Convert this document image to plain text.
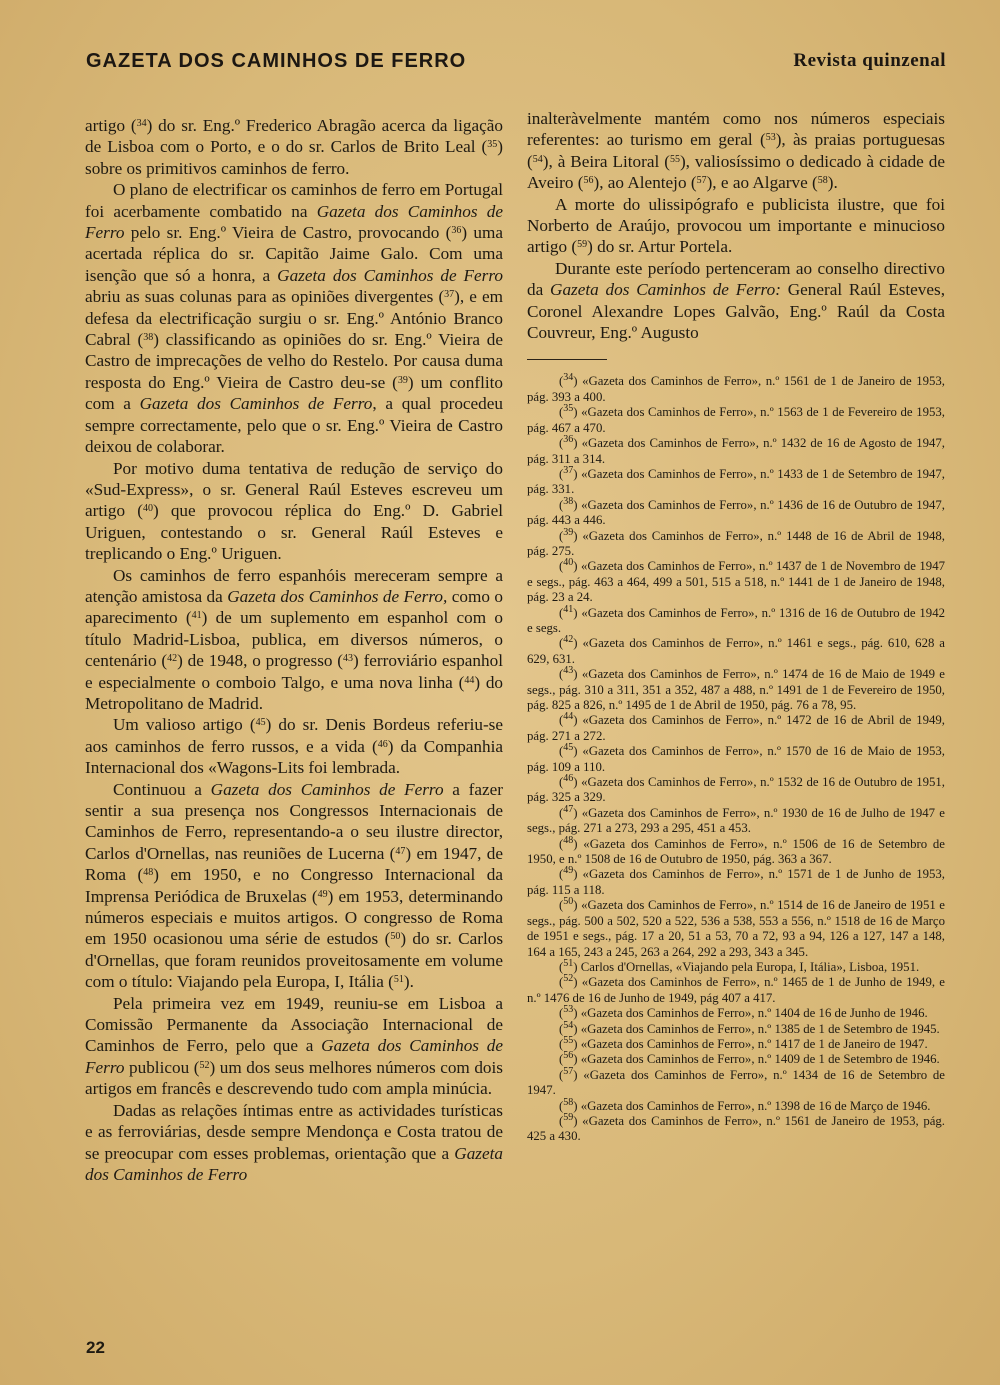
GAZETA DOS CAMINHOS DE FERRO	Revista quinzenal

artigo ($^{34}$) do sr. Eng.º Frederico Abragão acerca da ligação de Lisboa com o Porto, e o do sr. Carlos de Brito Leal ($^{35}$) sobre os primitivos caminhos de ferro.

O plano de electrificar os caminhos de ferro em Portugal foi acerbamente combatido na Gazeta dos Caminhos de Ferro pelo sr. Eng.º Vieira de Castro, provocando ($^{36}$) uma acertada réplica do sr. Capitão Jaime Galo. Com uma isenção que só a honra, a Gazeta dos Caminhos de Ferro abriu as suas colunas para as opiniões divergentes ($^{37}$), e em defesa da electrificação surgiu o sr. Eng.º António Branco Cabral ($^{38}$) classificando as opiniões do sr. Eng.º Vieira de Castro de imprecações de velho do Restelo. Por causa duma resposta do Eng.º Vieira de Castro deu-se ($^{39}$) um conflito com a Gazeta dos Caminhos de Ferro, a qual procedeu sempre correctamente, pelo que o sr. Eng.º Vieira de Castro deixou de colaborar.

Por motivo duma tentativa de redução de serviço do «Sud-Express», o sr. General Raúl Esteves escreveu um artigo ($^{40}$) que provocou réplica do Eng.º D. Gabriel Uriguen, contestando o sr. General Raúl Esteves e treplicando o Eng.º Uriguen.

Os caminhos de ferro espanhóis mereceram sempre a atenção amistosa da Gazeta dos Caminhos de Ferro, como o aparecimento ($^{41}$) de um suplemento em espanhol com o título Madrid-Lisboa, publica, em diversos números, o centenário ($^{42}$) de 1948, o progresso ($^{43}$) ferroviário espanhol e especialmente o comboio Talgo, e uma nova linha ($^{44}$) do Metropolitano de Madrid.

Um valioso artigo ($^{45}$) do sr. Denis Bordeus referiu-se aos caminhos de ferro russos, e a vida ($^{46}$) da Companhia Internacional dos «Wagons-Lits foi lembrada.

Continuou a Gazeta dos Caminhos de Ferro a fazer sentir a sua presença nos Congressos Internacionais de Caminhos de Ferro, representando-a o seu ilustre director, Carlos d'Ornellas, nas reuniões de Lucerna ($^{47}$) em 1947, de Roma ($^{48}$) em 1950, e no Congresso Internacional da Imprensa Periódica de Bruxelas ($^{49}$) em 1953, determinando números especiais e muitos artigos. O congresso de Roma em 1950 ocasionou uma série de estudos ($^{50}$) do sr. Carlos d'Ornellas, que foram reunidos proveitosamente em volume com o título: Viajando pela Europa, I, Itália ($^{51}$).

Pela primeira vez em 1949, reuniu-se em Lisboa a Comissão Permanente da Associação Internacional de Caminhos de Ferro, pelo que a Gazeta dos Caminhos de Ferro publicou ($^{52}$) um dos seus melhores números com dois artigos em francês e descrevendo tudo com ampla minúcia.

Dadas as relações íntimas entre as actividades turísticas e as ferroviárias, desde sempre Mendonça e Costa tratou de se preocupar com esses problemas, orientação que a Gazeta dos Caminhos de Ferro

inalteràvelmente mantém como nos números especiais referentes: ao turismo em geral ($^{53}$), às praias portuguesas ($^{54}$), à Beira Litoral ($^{55}$), valiosíssimo o dedicado à cidade de Aveiro ($^{56}$), ao Alentejo ($^{57}$), e ao Algarve ($^{58}$).

A morte do ulissipógrafo e publicista ilustre, que foi Norberto de Araújo, provocou um importante e minucioso artigo ($^{59}$) do sr. Artur Portela.

Durante este período pertenceram ao conselho directivo da Gazeta dos Caminhos de Ferro: General Raúl Esteves, Coronel Alexandre Lopes Galvão, Eng.º Raúl da Costa Couvreur, Eng.º Augusto

($^{34}$) «Gazeta dos Caminhos de Ferro», n.º 1561 de 1 de Janeiro de 1953, pág. 393 a 400.

($^{35}$) «Gazeta dos Caminhos de Ferro», n.º 1563 de 1 de Fevereiro de 1953, pág. 467 a 470.

($^{36}$) «Gazeta dos Caminhos de Ferro», n.º 1432 de 16 de Agosto de 1947, pág. 311 a 314.

($^{37}$) «Gazeta dos Caminhos de Ferro», n.º 1433 de 1 de Setembro de 1947, pág. 331.

($^{38}$) «Gazeta dos Caminhos de Ferro», n.º 1436 de 16 de Outubro de 1947, pág. 443 a 446.

($^{39}$) «Gazeta dos Caminhos de Ferro», n.º 1448 de 16 de Abril de 1948, pág. 275.

($^{40}$) «Gazeta dos Caminhos de Ferro», n.º 1437 de 1 de Novembro de 1947 e segs., pág. 463 a 464, 499 a 501, 515 a 518, n.º 1441 de 1 de Janeiro de 1948, pág. 23 a 24.

($^{41}$) «Gazeta dos Caminhos de Ferro», n.º 1316 de 16 de Outubro de 1942 e segs.

($^{42}$) «Gazeta dos Caminhos de Ferro», n.º 1461 e segs., pág. 610, 628 a 629, 631.

($^{43}$) «Gazeta dos Caminhos de Ferro», n.º 1474 de 16 de Maio de 1949 e segs., pág. 310 a 311, 351 a 352, 487 a 488, n.º 1491 de 1 de Fevereiro de 1950, pág. 825 a 826, n.º 1495 de 1 de Abril de 1950, pág. 76 a 78, 95.

($^{44}$) «Gazeta dos Caminhos de Ferro», n.º 1472 de 16 de Abril de 1949, pág. 271 a 272.

($^{45}$) «Gazeta dos Caminhos de Ferro», n.º 1570 de 16 de Maio de 1953, pág. 109 a 110.

($^{46}$) «Gazeta dos Caminhos de Ferro», n.º 1532 de 16 de Outubro de 1951, pág. 325 a 329.

($^{47}$) «Gazeta dos Caminhos de Ferro», n.º 1930 de 16 de Julho de 1947 e segs., pág. 271 a 273, 293 a 295, 451 a 453.

($^{48}$) «Gazeta dos Caminhos de Ferro», n.º 1506 de 16 de Setembro de 1950, e n.º 1508 de 16 de Outubro de 1950, pág. 363 a 367.

($^{49}$) «Gazeta dos Caminhos de Ferro», n.º 1571 de 1 de Junho de 1953, pág. 115 a 118.

($^{50}$) «Gazeta dos Caminhos de Ferro», n.º 1514 de 16 de Janeiro de 1951 e segs., pág. 500 a 502, 520 a 522, 536 a 538, 553 a 556, n.º 1518 de 16 de Março de 1951 e segs., pág. 17 a 20, 51 a 53, 70 a 72, 93 a 94, 126 a 127, 147 a 148, 164 a 165, 243 a 245, 263 a 264, 292 a 293, 343 a 345.

($^{51}$) Carlos d'Ornellas, «Viajando pela Europa, I, Itália», Lisboa, 1951.

($^{52}$) «Gazeta dos Caminhos de Ferro», n.º 1465 de 1 de Junho de 1949, e n.º 1476 de 16 de Junho de 1949, pág 407 a 417.

($^{53}$) «Gazeta dos Caminhos de Ferro», n.º 1404 de 16 de Junho de 1946.

($^{54}$) «Gazeta dos Caminhos de Ferro», n.º 1385 de 1 de Setembro de 1945.

($^{55}$) «Gazeta dos Caminhos de Ferro», n.º 1417 de 1 de Janeiro de 1947.

($^{56}$) «Gazeta dos Caminhos de Ferro», n.º 1409 de 1 de Setembro de 1946.

($^{57}$) «Gazeta dos Caminhos de Ferro», n.º 1434 de 16 de Setembro de 1947.

($^{58}$) «Gazeta dos Caminhos de Ferro», n.º 1398 de 16 de Março de 1946.

($^{59}$) «Gazeta dos Caminhos de Ferro», n.º 1561 de Janeiro de 1953, pág. 425 a 430.

22
